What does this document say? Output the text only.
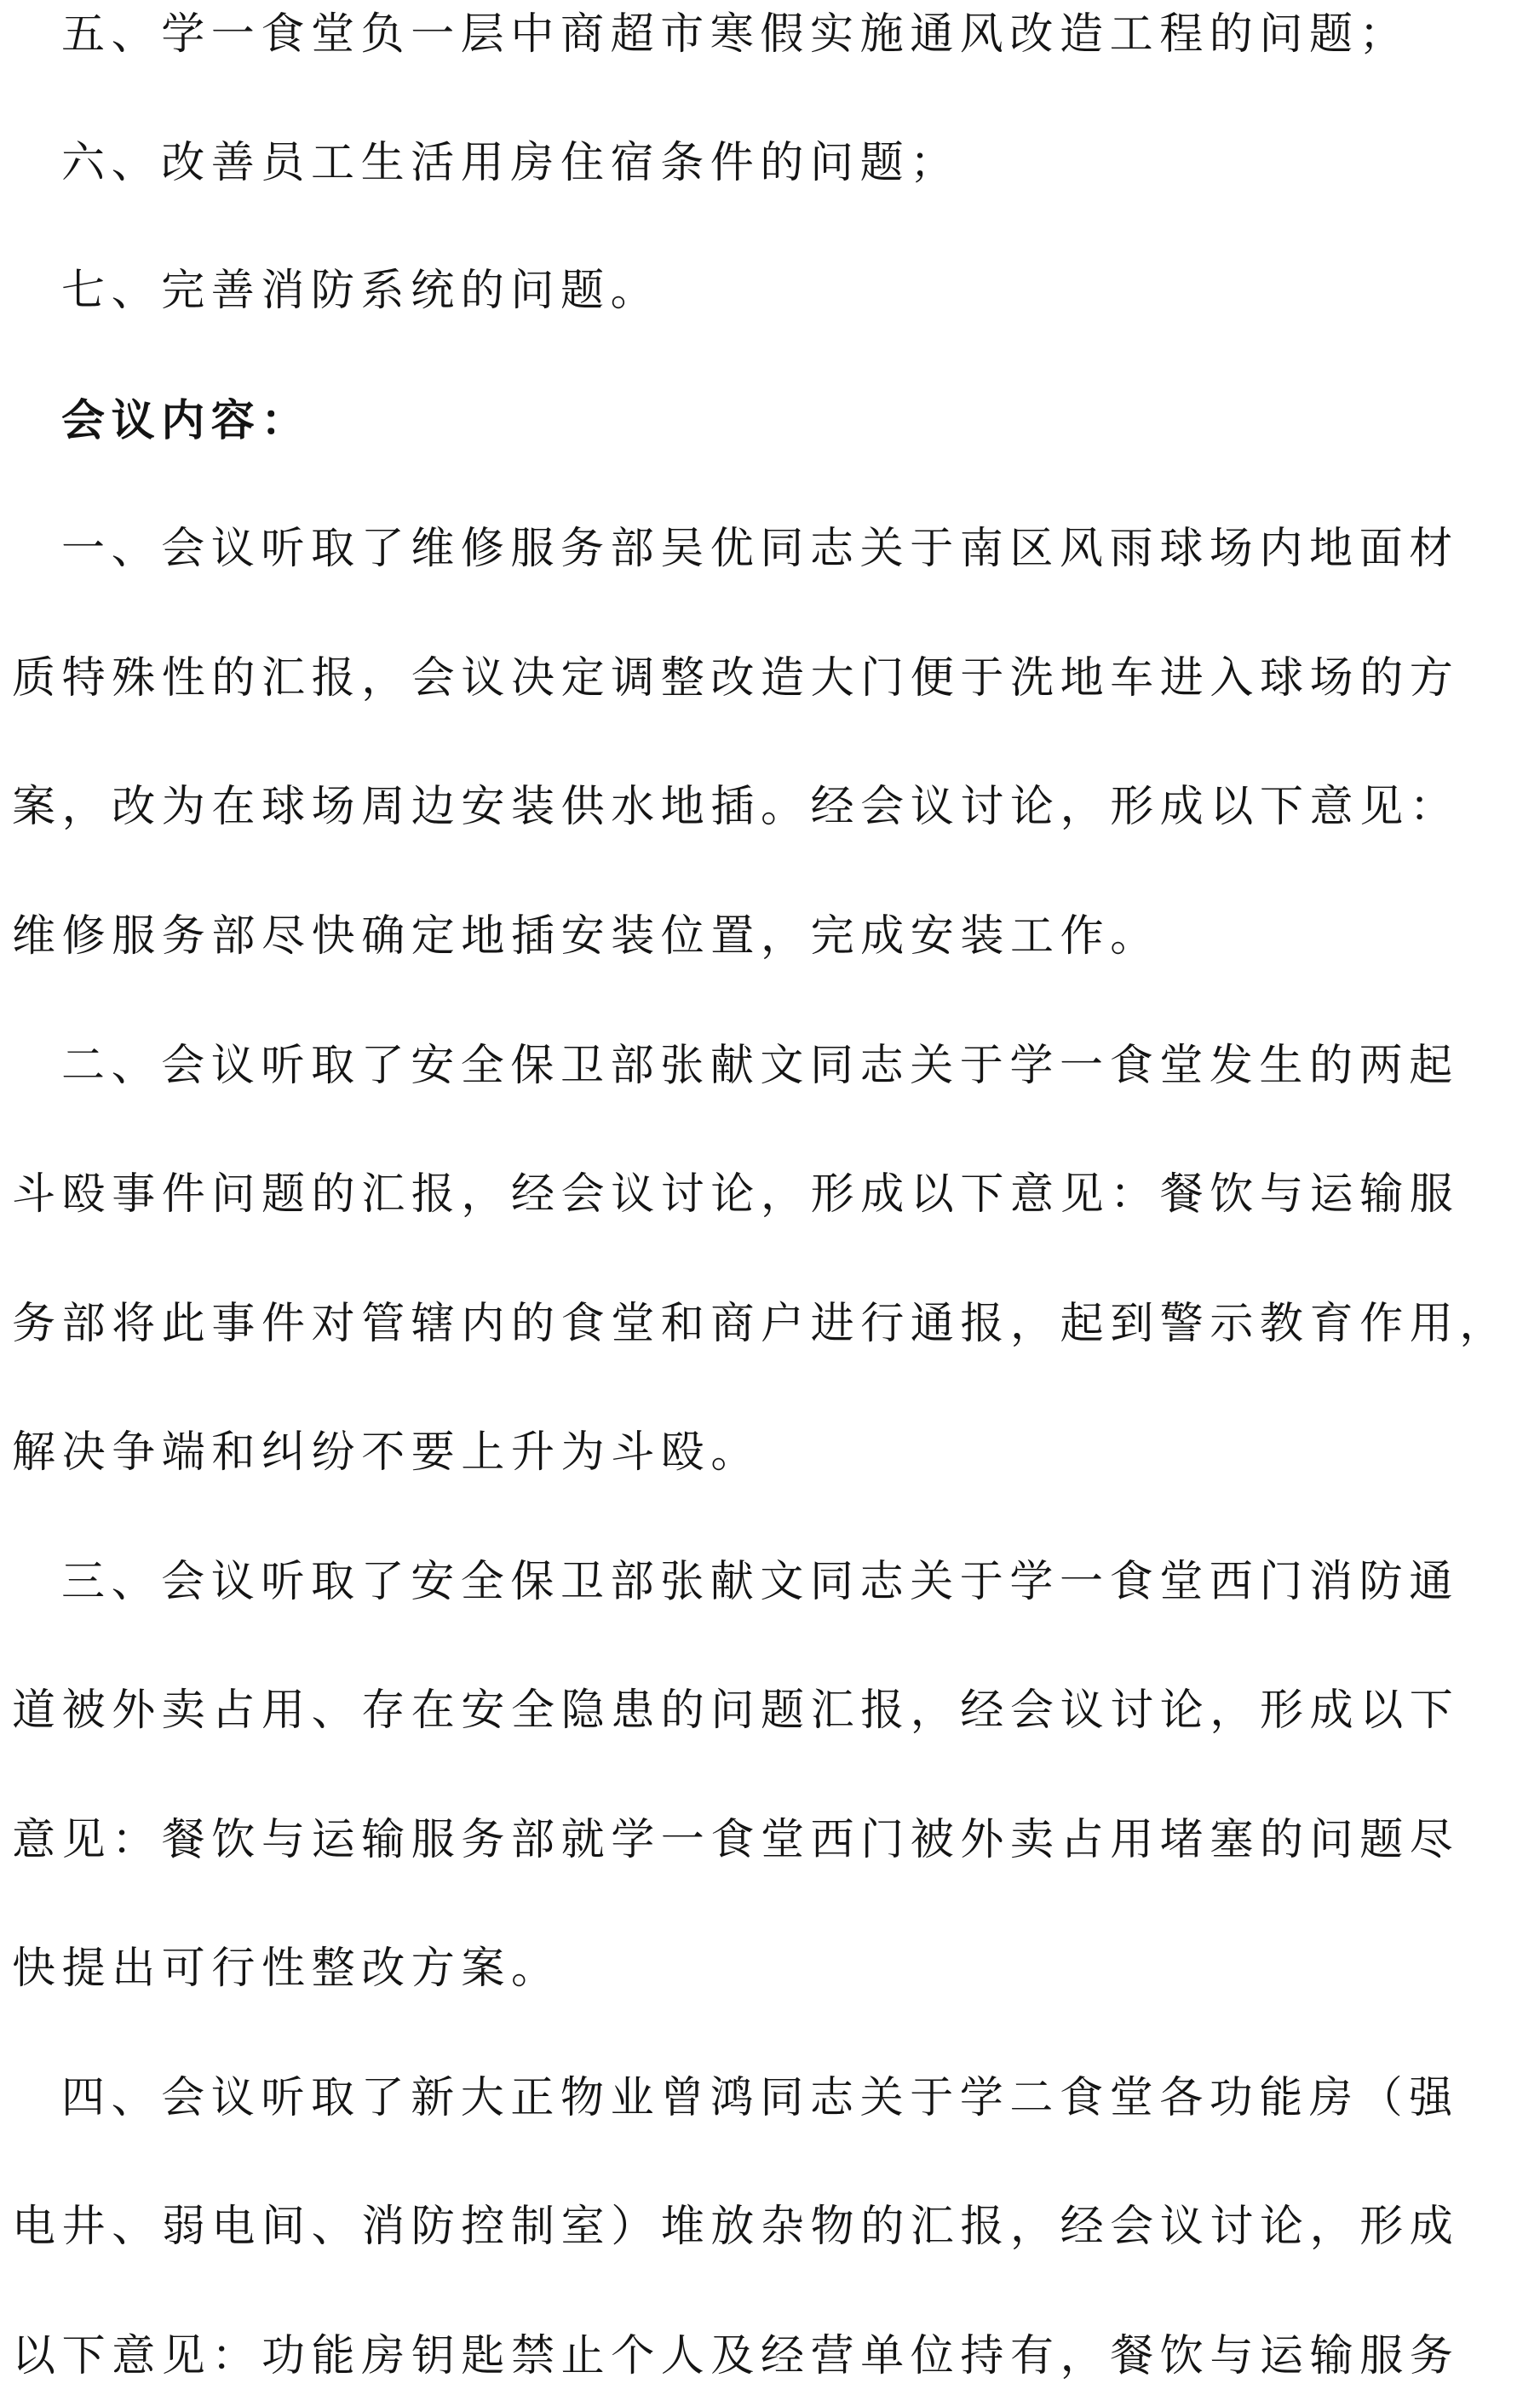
五、学一食堂负一层中商超市寒假实施通风改造工程的问题；
六、改善员工生活用房住宿条件的问题；
七、完善消防系统的问题。
会议内容：
一、会议听取了维修服务部吴优同志关于南区风雨球场内地面材
质特殊性的汇报，会议决定调整改造大门便于洗地车进入球场的方
案，改为在球场周边安装供水地插。经会议讨论，形成以下意见：
维修服务部尽快确定地插安装位置，完成安装工作。
二、会议听取了安全保卫部张献文同志关于学一食堂发生的两起
斗殴事件问题的汇报，经会议讨论，形成以下意见：餐饮与运输服
务部将此事件对管辖内的食堂和商户进行通报，起到警示教育作用，
解决争端和纠纷不要上升为斗殴。
三、会议听取了安全保卫部张献文同志关于学一食堂西门消防通
道被外卖占用、存在安全隐患的问题汇报，经会议讨论，形成以下
意见：餐饮与运输服务部就学一食堂西门被外卖占用堵塞的问题尽
快提出可行性整改方案。
四、会议听取了新大正物业曾鸿同志关于学二食堂各功能房（强
电井、弱电间、消防控制室）堆放杂物的汇报，经会议讨论，形成
以下意见：功能房钥匙禁止个人及经营单位持有，餐饮与运输服务
